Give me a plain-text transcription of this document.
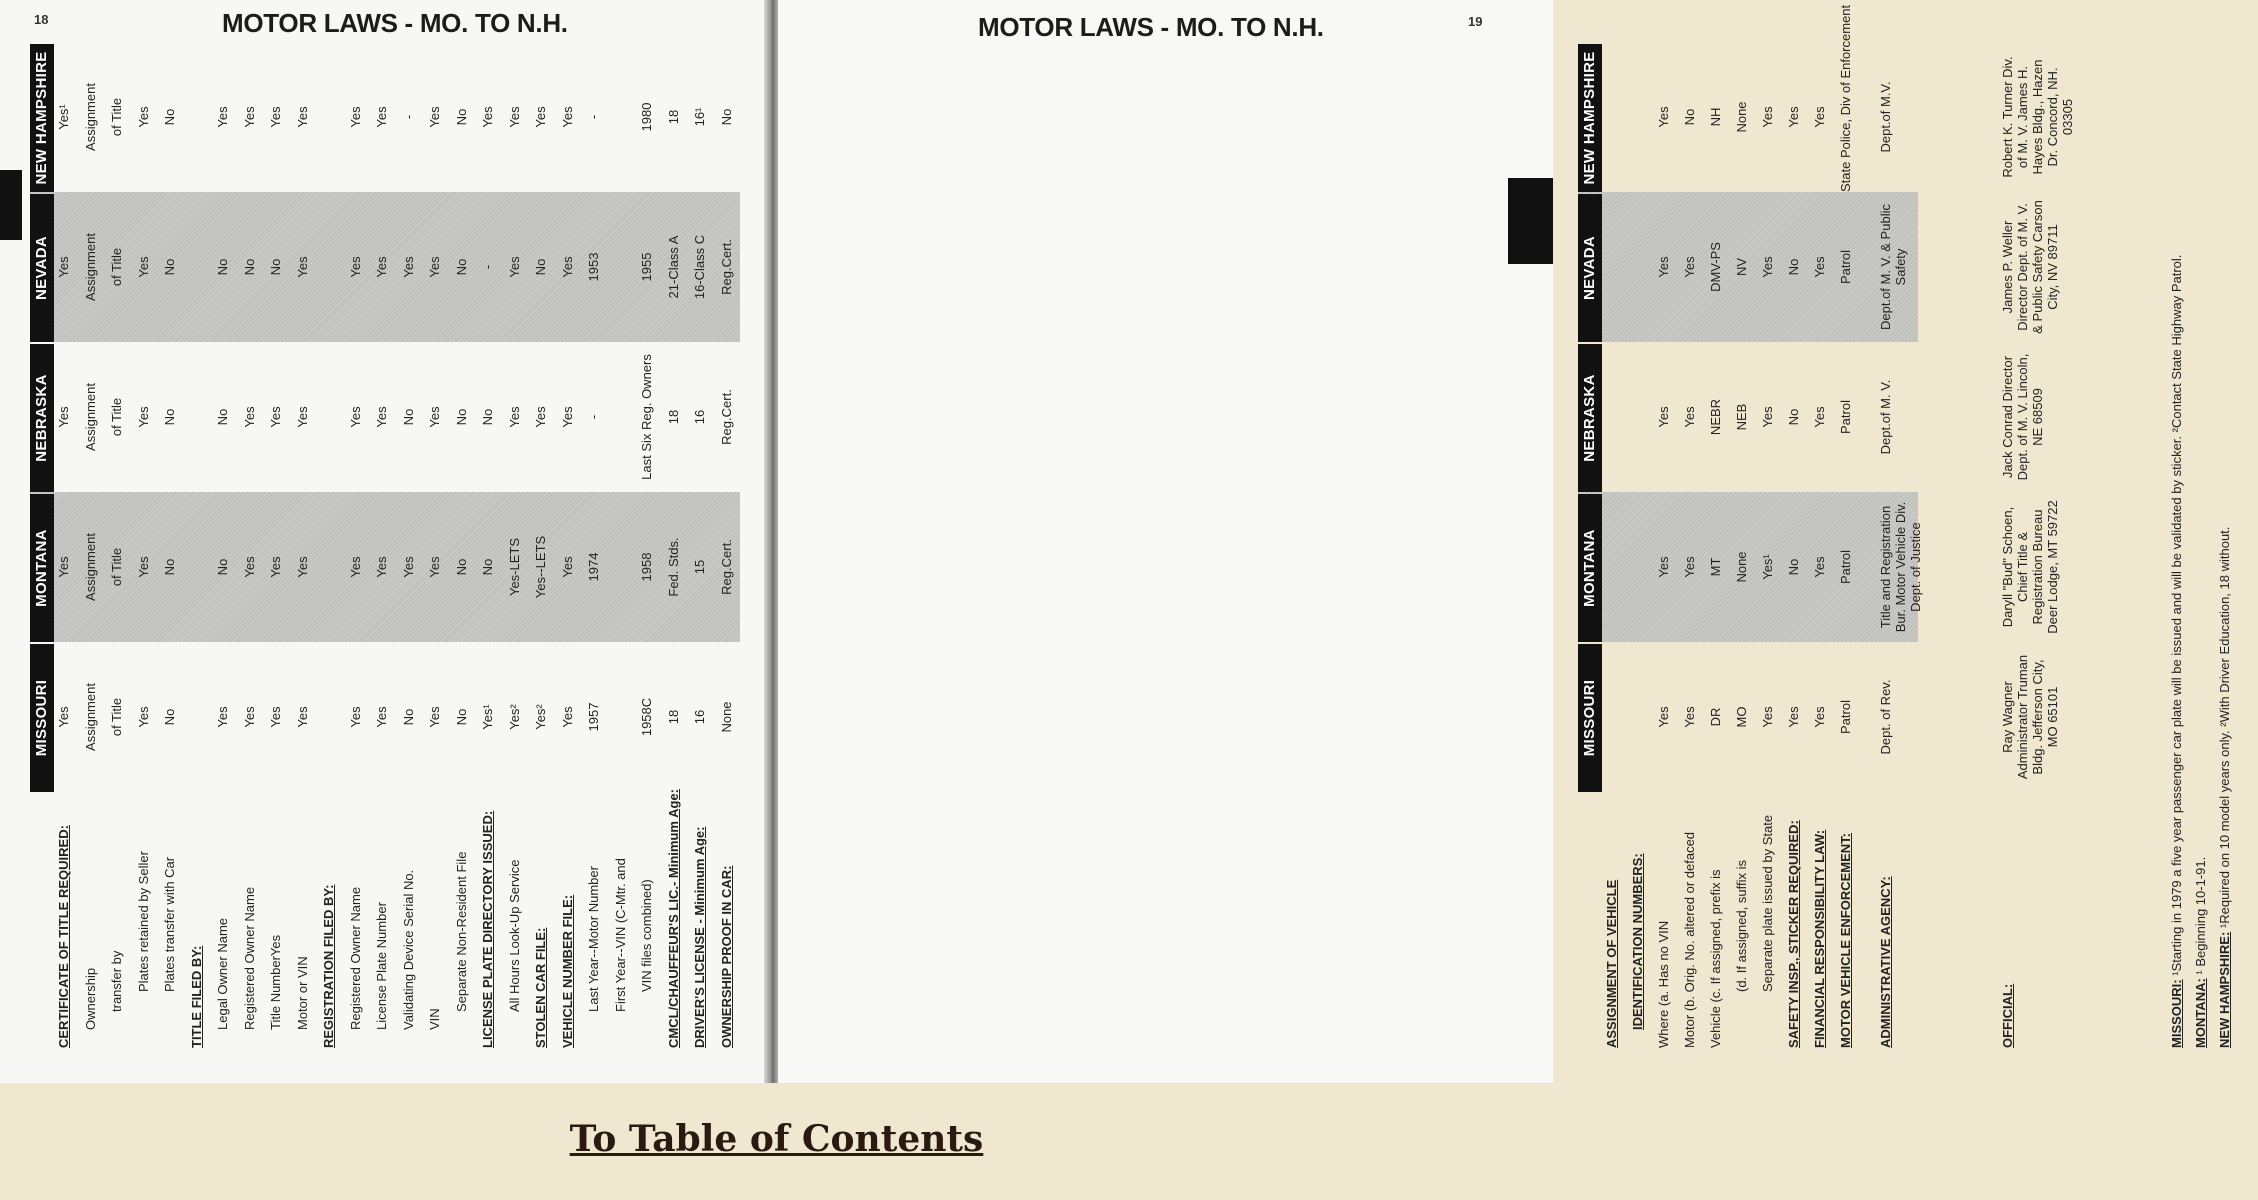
18	MOTOR LAWS - MO. TO N.H.
MISSOURI
MONTANA
NEBRASKA
NEVADA
NEW HAMPSHIRE
CERTIFICATE OF TITLE REQUIRED:
Yes
Yes
Yes
Yes
Yes¹
Ownership
Assignment
Assignment
Assignment
Assignment
Assignment
transfer by
of Title
of Title
of Title
of Title
of Title
Plates retained by Seller
Yes
Yes
Yes
Yes
Yes
Plates transfer with Car
No
No
No
No
No
TITLE FILED BY: Legal Owner Name
Yes
No
No
No
Yes
Registered Owner Name
Yes
Yes
Yes
No
Yes
Title NumberYes
Yes
Yes
Yes
No
Yes
Motor or VIN
Yes
Yes
Yes
Yes
Yes
REGISTRATION FILED BY: Registered Owner Name
Yes
Yes
Yes
Yes
Yes
License Plate Number
Yes
Yes
Yes
Yes
Yes
Validating Device Serial No.
No
Yes
No
Yes
-
VIN
Yes
Yes
Yes
Yes
Yes
Separate Non-Resident File
No
No
No
No
No
LICENSE PLATE DIRECTORY ISSUED:
Yes¹
No
No
-
Yes
All Hours Look-Up Service
Yes²
Yes-LETS
Yes
Yes
Yes
STOLEN CAR FILE:
Yes²
Yes--LETS
Yes
No
Yes
VEHICLE NUMBER FILE:
Yes
Yes
Yes
Yes
Yes
Last Year--Motor Number
1957
1974
-
1953
-
First Year--VIN (C-Mtr. and VIN files combined)
1958C
1958
Last Six Reg. Owners
1955
1980
CMCL/CHAUFFEUR'S LIC.- Minimum Age:
18
Fed. Stds.
18
21-Class A
18
DRIVER'S LICENSE - Minimum Age:
16
15
16
16-Class C
16¹
OWNERSHIP PROOF IN CAR:
None
Reg.Cert.
Reg.Cert.
Reg.Cert.
No
MOTOR LAWS - MO. TO N.H.	19
MISSOURI
MONTANA
NEBRASKA
NEVADA
NEW HAMPSHIRE
ASSIGNMENT OF VEHICLE IDENTIFICATION NUMBERS: Where (a. Has no VIN
Yes
Yes
Yes
Yes
Yes
Motor (b. Orig. No. altered or defaced
Yes
Yes
Yes
Yes
No
Vehicle (c. If assigned, prefix is
DR
MT
NEBR
DMV-PS
NH
(d. If assigned, suffix is
MO
None
NEB
NV
None
Separate plate issued by State
Yes
Yes¹
Yes
Yes
Yes
SAFETY INSP., STICKER REQUIRED:
Yes
No
No
No
Yes
FINANCIAL RESPONSIBILITY LAW:
Yes
Yes
Yes
Yes
Yes
MOTOR VEHICLE ENFORCEMENT:
Patrol
Patrol
Patrol
Patrol
State Police, Div of Enforcement
ADMINISTRATIVE AGENCY:
Dept. of Rev.
Title and Registration Bur. Motor Vehicle Div. Dept. of Justice
Dept.of M. V.
Dept.of M. V. & Public Safety
Dept.of M.V.
OFFICIAL:
Ray Wagner Administrator Truman Bldg. Jefferson City, MO 65101
Daryll "Bud" Schoen, Chief Title & Registration Bureau Deer Lodge, MT 59722
Jack Conrad Director Dept. of M. V. Lincoln, NE 68509
James P. Weller Director Dept. of M. V. & Public Safety Carson City, NV 89711
Robert K. Turner Div. of M. V. James H. Hayes Bldg., Hazen Dr. Concord, NH. 03305
MISSOURI: ¹Starting in 1979 a five year passenger car plate will be issued and will be validated by sticker. ²Contact State Highway Patrol.
MONTANA: ¹ Beginning 10-1-91.
NEW HAMPSHIRE: ¹Required on 10 model years only. ²With Driver Education, 18 without.
To Table of Contents
